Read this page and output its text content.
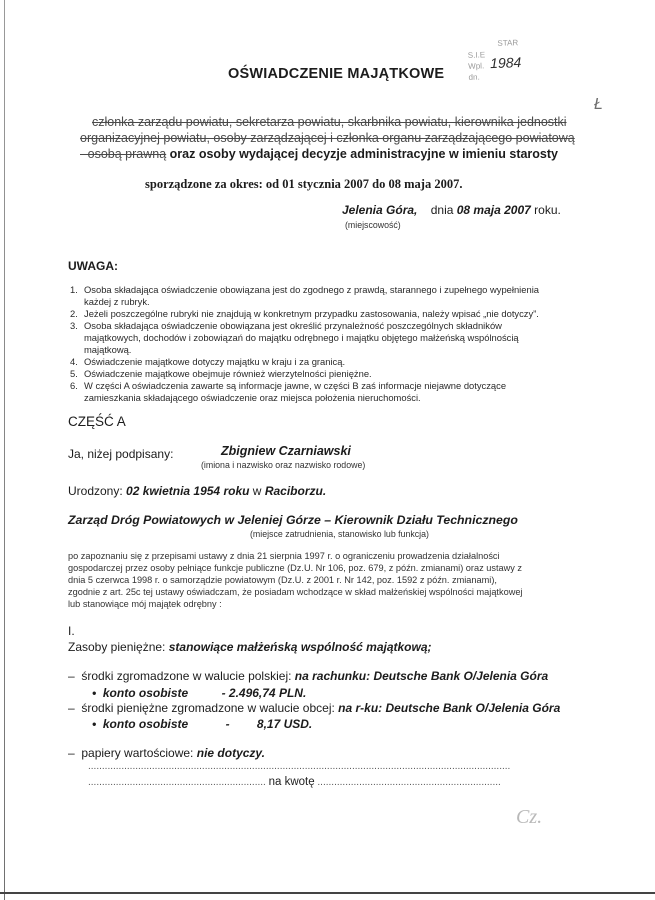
OŚWIADCZENIE MAJĄTKOWE
STAR
S.I.E
Wpl.
dn.
1984
Ł
członka zarządu powiatu, sekretarza powiatu, skarbnika powiatu, kierownika jednostki
organizacyjnej powiatu, osoby zarządzającej i członka organu zarządzającego powiatową
- osobą prawną oraz osoby wydającej decyzje administracyjne w imieniu starosty
sporządzone za okres: od 01 stycznia 2007 do 08 maja 2007.
Jelenia Góra, dnia 08 maja 2007 roku.
(miejscowość)
UWAGA:
1. Osoba składająca oświadczenie obowiązana jest do zgodnego z prawdą, starannego i zupełnego wypełnienia
każdej z rubryk.
2. Jeżeli poszczególne rubryki nie znajdują w konkretnym przypadku zastosowania, należy wpisać „nie dotyczy”.
3. Osoba składająca oświadczenie obowiązana jest określić przynależność poszczególnych składników
majątkowych, dochodów i zobowiązań do majątku odrębnego i majątku objętego małżeńską wspólnością
majątkową.
4. Oświadczenie majątkowe dotyczy majątku w kraju i za granicą.
5. Oświadczenie majątkowe obejmuje również wierzytelności pieniężne.
6. W części A oświadczenia zawarte są informacje jawne, w części B zaś informacje niejawne dotyczące
zamieszkania składającego oświadczenie oraz miejsca położenia nieruchomości.
CZĘŚĆ A
Ja, niżej podpisany:	Zbigniew Czarniawski
(imiona i nazwisko oraz nazwisko rodowe)
Urodzony: 02 kwietnia 1954 roku w Raciborzu.
Zarząd Dróg Powiatowych w Jeleniej Górze – Kierownik Działu Technicznego
(miejsce zatrudnienia, stanowisko lub funkcja)
po zapoznaniu się z przepisami ustawy z dnia 21 sierpnia 1997 r. o ograniczeniu prowadzenia działalności
gospodarczej przez osoby pełniące funkcje publiczne (Dz.U. Nr 106, poz. 679, z późn. zmianami) oraz ustawy z
dnia 5 czerwca 1998 r. o samorządzie powiatowym (Dz.U. z 2001 r. Nr 142, poz. 1592 z późn. zmianami),
zgodnie z art. 25c tej ustawy oświadczam, że posiadam wchodzące w skład małżeńskiej wspólności majątkowej
lub stanowiące mój majątek odrębny :
I.
Zasoby pieniężne: stanowiące małżeńską wspólność majątkową;
–  środki zgromadzone w walucie polskiej: na rachunku: Deutsche Bank O/Jelenia Góra
•  konto osobiste	- 2.496,74 PLN.
–  środki pieniężne zgromadzone w walucie obcej: na r-ku: Deutsche Bank O/Jelenia Góra
•  konto osobiste	- 8,17 USD.
–  papiery wartościowe: nie dotyczy.
........................................................................................................................................................
................................................................ na kwotę ..................................................................
Cz.
